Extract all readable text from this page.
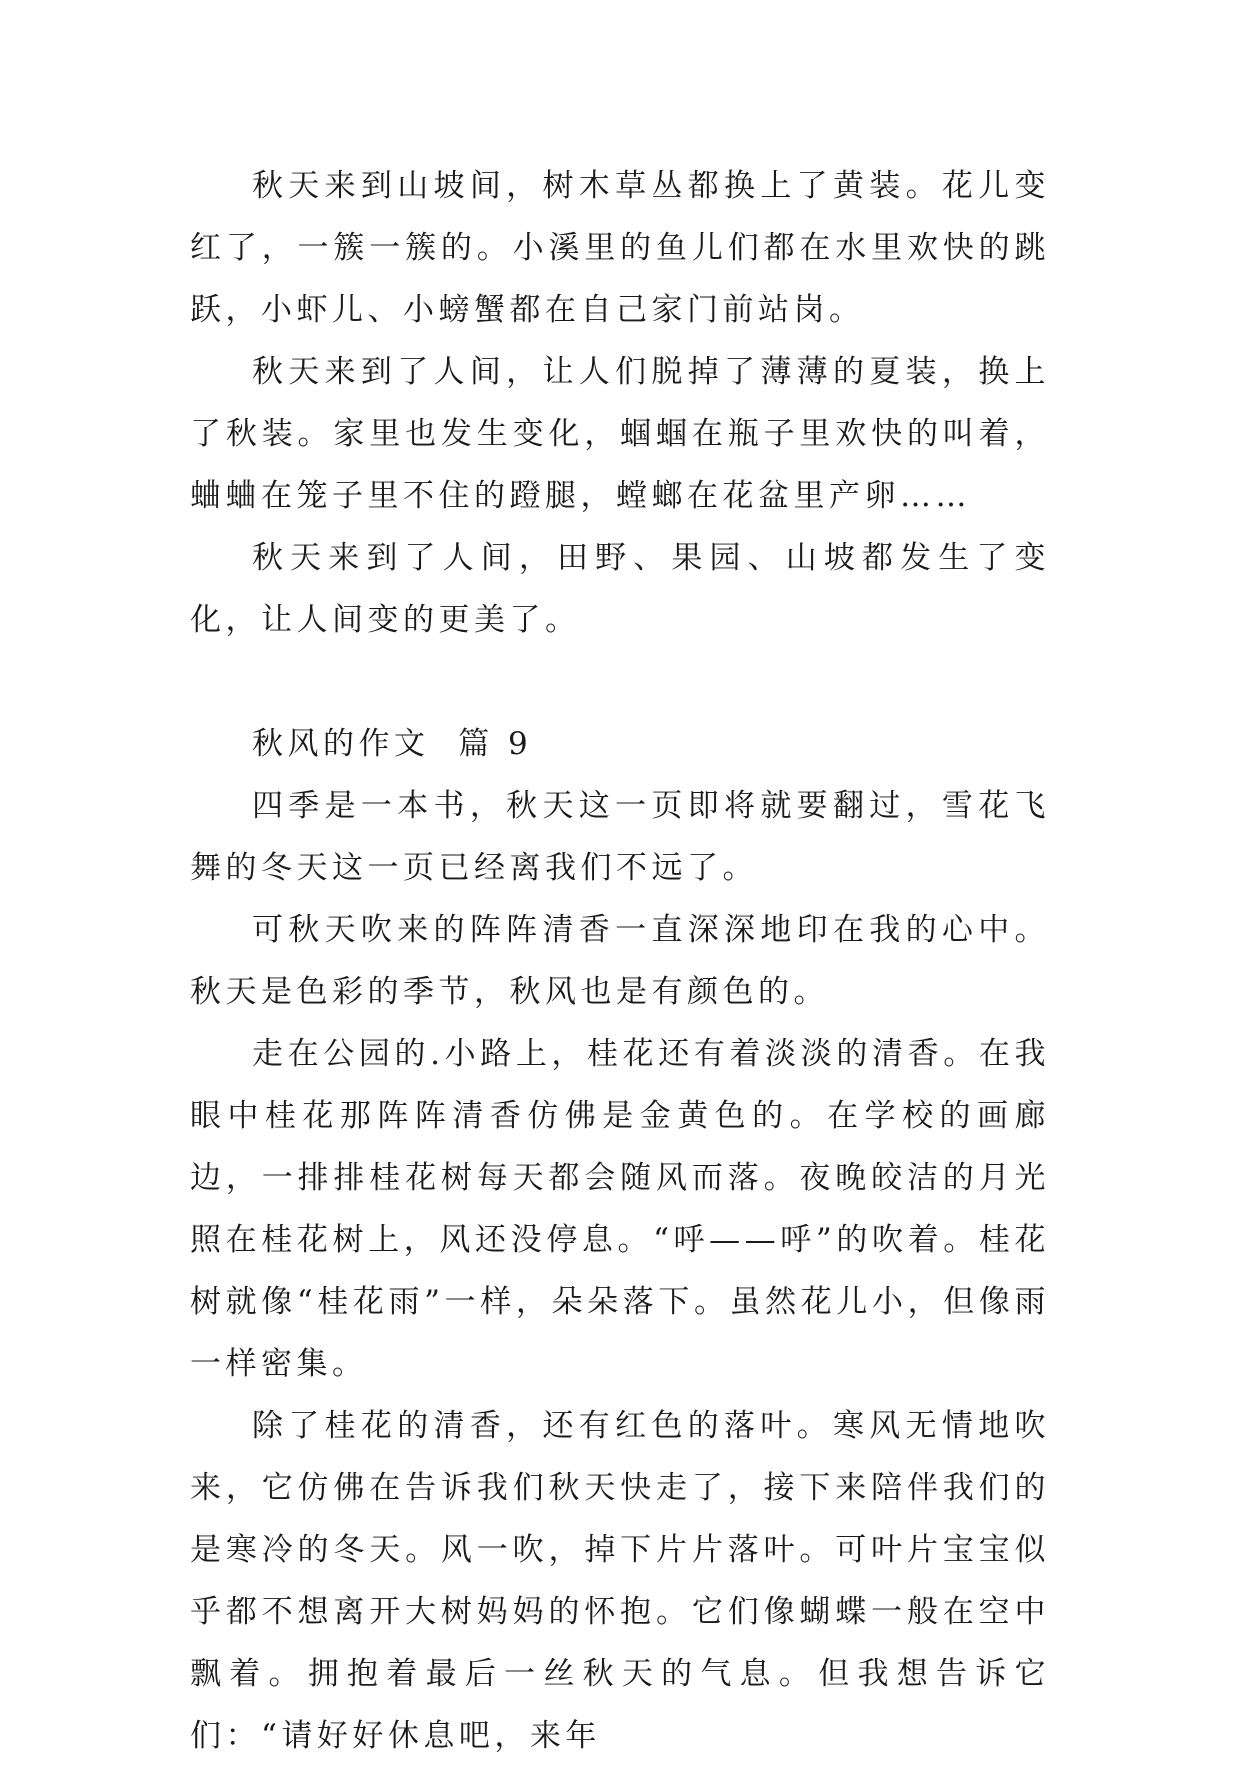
秋天来到山坡间，树木草丛都换上了黄装。花儿变红了，一簇一簇的。小溪里的鱼儿们都在水里欢快的跳跃，小虾儿、小螃蟹都在自己家门前站岗。

秋天来到了人间，让人们脱掉了薄薄的夏装，换上了秋装。家里也发生变化，蝈蝈在瓶子里欢快的叫着，蛐蛐在笼子里不住的蹬腿，螳螂在花盆里产卵……

秋天来到了人间，田野、果园、山坡都发生了变化，让人间变的更美了。

秋风的作文  篇 9

四季是一本书，秋天这一页即将就要翻过，雪花飞舞的冬天这一页已经离我们不远了。

可秋天吹来的阵阵清香一直深深地印在我的心中。秋天是色彩的季节，秋风也是有颜色的。

走在公园的.小路上，桂花还有着淡淡的清香。在我眼中桂花那阵阵清香仿佛是金黄色的。在学校的画廊边，一排排桂花树每天都会随风而落。夜晚皎洁的月光照在桂花树上，风还没停息。“呼——呼”的吹着。桂花树就像“桂花雨”一样，朵朵落下。虽然花儿小，但像雨一样密集。

除了桂花的清香，还有红色的落叶。寒风无情地吹来，它仿佛在告诉我们秋天快走了，接下来陪伴我们的是寒冷的冬天。风一吹，掉下片片落叶。可叶片宝宝似乎都不想离开大树妈妈的怀抱。它们像蝴蝶一般在空中飘着。拥抱着最后一丝秋天的气息。但我想告诉它们：“请好好休息吧，来年
